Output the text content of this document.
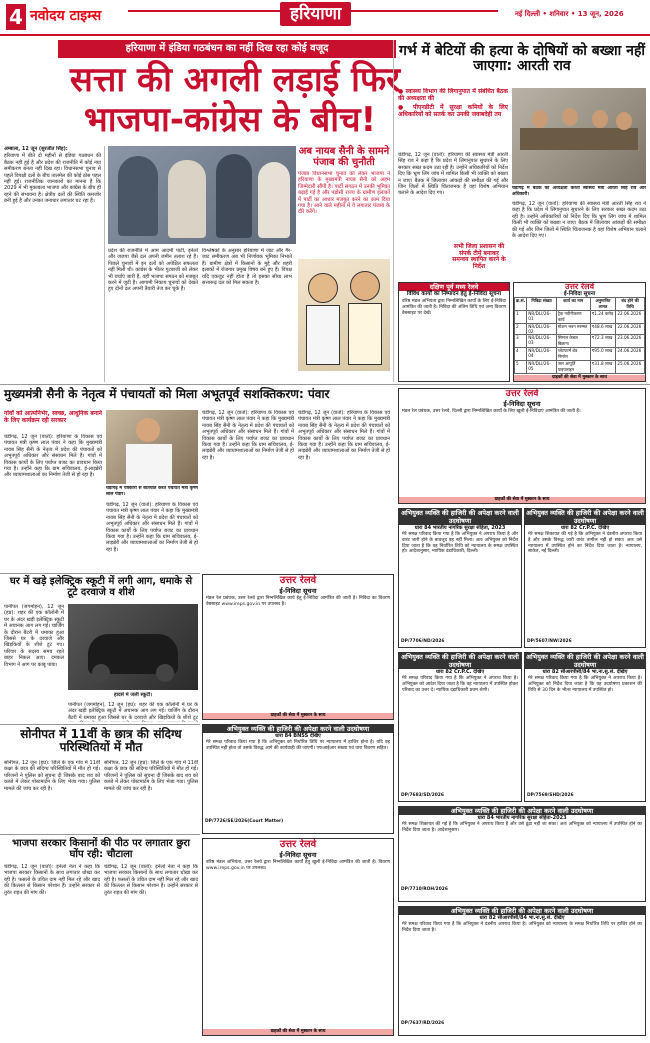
4 नवोदय टाइम्स	हरियाणा	नई दिल्ली • शनिवार • 13 जून, 2026
हरियाणा में इंडिया गठबंधन का नहीं दिख रहा कोई वजूद
सत्ता की अगली लड़ाई फिर
भाजपा-कांग्रेस के बीच!

अम्बाला, 12 जून (सुरजीत सिंह):

हरियाणा में बीते दो महीनों से इंडिया गठबंधन की बैठक नहीं हुई है और प्रदेश की राजनीति में कोई नया समीकरण बनता नहीं दिख रहा। विधानसभा चुनाव से पहले विपक्षी दलों के बीच तालमेल की कोई ठोस पहल नहीं हुई। राजनीतिक जानकारों का मानना है कि 2029 में भी मुकाबला भाजपा और कांग्रेस के बीच ही रहने की संभावना है। क्षेत्रीय दलों की स्थिति कमजोर बनी हुई है और उनका जनाधार लगातार घट रहा है।

प्रदेश की राजनीति में आम आदमी पार्टी, इनेलो और जजपा जैसे दल अपनी जमीन तलाश रहे हैं। पिछले चुनावों में इन दलों को अपेक्षित सफलता नहीं मिली थी। कांग्रेस के भीतर गुटबाजी को लेकर भी चर्चाएं जारी हैं, वहीं भाजपा संगठन को मजबूत करने में जुटी है। आगामी निकाय चुनावों को देखते हुए दोनों दल अपनी तैयारी तेज कर चुके हैं।

विश्लेषकों के अनुसार हरियाणा में जाट और गैर-जाट समीकरण अब भी निर्णायक भूमिका निभाते हैं। ग्रामीण क्षेत्रों में किसानों के मुद्दे और शहरी इलाकों में रोजगार प्रमुख विषय बने हुए हैं। विपक्ष यदि एकजुट नहीं होता है तो इसका सीधा लाभ सत्तारूढ़ दल को मिल सकता है।

अब नायब सैनी के सामने पंजाब की चुनौती
पंजाब विधानसभा चुनाव को लेकर भाजपा ने हरियाणा के मुख्यमंत्री नायब सैनी को अहम जिम्मेदारी सौंपी है। पार्टी संगठन में उनकी भूमिका बढ़ाई गई है और पड़ोसी राज्य के ग्रामीण इलाकों में पार्टी का आधार मजबूत करने का काम दिया गया है। आने वाले महीनों में वे लगातार पंजाब के दौरे करेंगे।
गर्भ में बेटियों की हत्या के दोषियों को बख्शा नहीं जाएगा: आरती राव

● स्वास्थ्य विभाग की लिंगानुपात में संबंधित बैठक की अध्यक्षता की

● पीएनडीटी में सुरक्षा कमियों के लिए अधिकारियों को सतर्क कर उनकी जवाबदेही तय

चंडीगढ़ में बैठक की अध्यक्षता करती स्वास्थ्य मंत्री आरती सिंह राव और अधिकारी।
चंडीगढ़, 12 जून (वार्ता): हरियाणा की स्वास्थ्य मंत्री आरती सिंह राव ने कहा है कि प्रदेश में लिंगानुपात सुधारने के लिए सरकार सख्त कदम उठा रही है। उन्होंने अधिकारियों को निर्देश दिए कि भ्रूण लिंग जांच में शामिल किसी भी व्यक्ति को बख्शा न जाए। बैठक में जिलावार आंकड़ों की समीक्षा की गई और जिन जिलों में स्थिति चिंताजनक है वहां विशेष अभियान चलाने के आदेश दिए गए।
चंडीगढ़, 12 जून (वार्ता): हरियाणा की स्वास्थ्य मंत्री आरती सिंह राव ने कहा है कि प्रदेश में लिंगानुपात सुधारने के लिए सरकार सख्त कदम उठा रही है। उन्होंने अधिकारियों को निर्देश दिए कि भ्रूण लिंग जांच में शामिल किसी भी व्यक्ति को बख्शा न जाए। बैठक में जिलावार आंकड़ों की समीक्षा की गई और जिन जिलों में स्थिति चिंताजनक है वहां विशेष अभियान चलाने के आदेश दिए गए।
सभी जिला प्रशासन की संपर्क टीमें बनाकर समन्वय स्थापित करने के निर्देश
दक्षिण पूर्व मध्य रेलवे
विविध कार्यों का निष्पादन हेतु ई-निविदा सूचना
वरिष्ठ मंडल अभियंता द्वारा निम्नलिखित कार्यों के लिए ई-निविदा आमंत्रित की जाती है। निविदा की अंतिम तिथि एवं अन्य विवरण वेबसाइट पर देखें।
उत्तर रेलवे
ई-निविदा सूचना
क्र.सं.	निविदा संख्या	कार्य का नाम	अनुमानित लागत	बंद होने की तिथि
1	NR/DLI/26-01	ट्रैक नवीनीकरण कार्य	₹1.24 करोड़	22.06.2026
2	NR/DLI/26-02	स्टेशन भवन मरम्मत	₹48.6 लाख	22.06.2026
3	NR/DLI/26-03	सिग्नल केबल बिछाना	₹72.3 लाख	23.06.2026
4	NR/DLI/26-04	प्लेटफार्म शेड निर्माण	₹95.0 लाख	24.06.2026
5	NR/DLI/26-05	जल आपूर्ति पाइपलाइन	₹31.8 लाख	25.06.2026
ग्राहकों की सेवा में मुस्कान के साथ
मुख्यमंत्री सैनी के नेतृत्व में पंचायतों को मिला अभूतपूर्व सशक्तिकरण: पंवार
गांवों को आत्मनिर्भर, स्वच्छ, आधुनिक बनाने के लिए कार्यक्रम रही सरकार
चंडीगढ़, 12 जून (वार्ता): हरियाणा के विकास एवं पंचायत मंत्री कृष्ण लाल पंवार ने कहा कि मुख्यमंत्री नायब सिंह सैनी के नेतृत्व में प्रदेश की पंचायतों को अभूतपूर्व अधिकार और संसाधन मिले हैं। गांवों में विकास कार्यों के लिए पर्याप्त बजट का प्रावधान किया गया है। उन्होंने कहा कि ग्राम सचिवालय, ई-लाइब्रेरी और व्यायामशालाओं का निर्माण तेजी से हो रहा है।
चंडीगढ़ में पत्रकारों से बातचीत करते पंचायत मंत्री कृष्ण लाल पंवार।
चंडीगढ़, 12 जून (वार्ता): हरियाणा के विकास एवं पंचायत मंत्री कृष्ण लाल पंवार ने कहा कि मुख्यमंत्री नायब सिंह सैनी के नेतृत्व में प्रदेश की पंचायतों को अभूतपूर्व अधिकार और संसाधन मिले हैं। गांवों में विकास कार्यों के लिए पर्याप्त बजट का प्रावधान किया गया है। उन्होंने कहा कि ग्राम सचिवालय, ई-लाइब्रेरी और व्यायामशालाओं का निर्माण तेजी से हो रहा है।
चंडीगढ़, 12 जून (वार्ता): हरियाणा के विकास एवं पंचायत मंत्री कृष्ण लाल पंवार ने कहा कि मुख्यमंत्री नायब सिंह सैनी के नेतृत्व में प्रदेश की पंचायतों को अभूतपूर्व अधिकार और संसाधन मिले हैं। गांवों में विकास कार्यों के लिए पर्याप्त बजट का प्रावधान किया गया है। उन्होंने कहा कि ग्राम सचिवालय, ई-लाइब्रेरी और व्यायामशालाओं का निर्माण तेजी से हो रहा है।
चंडीगढ़, 12 जून (वार्ता): हरियाणा के विकास एवं पंचायत मंत्री कृष्ण लाल पंवार ने कहा कि मुख्यमंत्री नायब सिंह सैनी के नेतृत्व में प्रदेश की पंचायतों को अभूतपूर्व अधिकार और संसाधन मिले हैं। गांवों में विकास कार्यों के लिए पर्याप्त बजट का प्रावधान किया गया है। उन्होंने कहा कि ग्राम सचिवालय, ई-लाइब्रेरी और व्यायामशालाओं का निर्माण तेजी से हो रहा है।
उत्तर रेलवे
ई-निविदा सूचना
मंडल रेल प्रबंधक, उत्तर रेलवे, दिल्ली द्वारा निम्नलिखित कार्यों के लिए खुली ई-निविदाएं आमंत्रित की जाती हैं।
ग्राहकों की सेवा में मुस्कान के साथ
अभियुक्त व्यक्ति की हाजिरी की अपेक्षा करने वाली उदघोषणा
धारा 84 भारतीय नागरिक सुरक्षा संहिता, 2023
मेरे समक्ष परिवाद किया गया है कि अभियुक्त ने अपराध किया है और वारंट जारी होने के बावजूद वह नहीं मिला। अतः अभियुक्त को निर्देश दिया जाता है कि वह निर्धारित तिथि को न्यायालय के समक्ष उपस्थित हो। आदेशानुसार, न्यायिक दंडाधिकारी, दिल्ली।
DP/7706/ND/2026
अभियुक्त व्यक्ति की हाजिरी की अपेक्षा करने वाली उदघोषणा
धारा 82 Cr.P.C. देखिए
मेरे समक्ष शिकायत की गई है कि अभियुक्त ने दंडनीय अपराध किया है और उसके विरुद्ध जारी वारंट तामील नहीं हो सका। अतः उसे न्यायालय में उपस्थित होने का निर्देश दिया जाता है। न्यायालय, साकेत, नई दिल्ली।
DP/5607/NW/2026
घर में खड़े इलेक्ट्रिक स्कूटी में लगी आग, धमाके से टूटे दरवाजे व शीशे
पानीपत (जगमोहन), 12 जून (हप्र): शहर की एक कॉलोनी में घर के अंदर खड़ी इलेक्ट्रिक स्कूटी में अचानक आग लग गई। चार्जिंग के दौरान बैटरी में धमाका हुआ जिससे घर के दरवाजे और खिड़कियों के शीशे टूट गए। परिवार के सदस्य समय रहते बाहर निकल आए। दमकल विभाग ने आग पर काबू पाया।
हादसे में जली स्कूटी।
पानीपत (जगमोहन), 12 जून (हप्र): शहर की एक कॉलोनी में घर के अंदर खड़ी इलेक्ट्रिक स्कूटी में अचानक आग लग गई। चार्जिंग के दौरान बैटरी में धमाका हुआ जिससे घर के दरवाजे और खिड़कियों के शीशे टूट
उत्तर रेलवे
ई-निविदा सूचना
मंडल रेल प्रबंधक, उत्तर रेलवे द्वारा निम्नलिखित कार्य हेतु ई-निविदा आमंत्रित की जाती है। निविदा का विवरण वेबसाइट www.ireps.gov.in पर उपलब्ध है।
ग्राहकों की सेवा में मुस्कान के साथ
अभियुक्त व्यक्ति की हाजिरी की अपेक्षा करने वाली उदघोषणा
धारा 84 BNSS देखिए
मेरे समक्ष परिवाद किया गया है कि अभियुक्त को निर्धारित तिथि पर न्यायालय में हाजिर होना है। यदि वह उपस्थित नहीं होता तो उसके विरुद्ध आगे की कार्यवाही की जाएगी। एफआईआर संख्या एवं धारा विवरण सहित।
DP/7726/SE/2026(Court Matter)
अभियुक्त व्यक्ति की हाजिरी की अपेक्षा करने वाली उदघोषणा
धारा 82 Cr.P.C. देखिए
मेरे समक्ष परिवाद किया गया है कि अभियुक्त ने अपराध किया है। अभियुक्त को आदेश दिया जाता है कि वह न्यायालय में उपस्थित होकर परिवाद का उत्तर दे। न्यायिक दंडाधिकारी प्रथम श्रेणी।
DP/7683/SD/2026
अभियुक्त व्यक्ति की हाजिरी की अपेक्षा करने वाली उदघोषणा
धारा 82 सीआरपीसी/84 भा.ना.सु.सं. देखिए
मेरे समक्ष परिवाद किया गया है कि अभियुक्त ने अपराध किया है। अभियुक्त को निर्देश दिया जाता है कि वह उदघोषणा प्रकाशन की तिथि से 30 दिन के भीतर न्यायालय में उपस्थित हो।
DP/7569/SHD/2026
सोनीपत में 11वीं के छात्र की संदिग्ध परिस्थितियों में मौत
सोनीपत, 12 जून (हप्र): जिले के एक गांव में 11वीं कक्षा के छात्र की संदिग्ध परिस्थितियों में मौत हो गई। परिजनों ने पुलिस को सूचना दी जिसके बाद शव को कब्जे में लेकर पोस्टमार्टम के लिए भेजा गया। पुलिस मामले की जांच कर रही है।
सोनीपत, 12 जून (हप्र): जिले के एक गांव में 11वीं कक्षा के छात्र की संदिग्ध परिस्थितियों में मौत हो गई। परिजनों ने पुलिस को सूचना दी जिसके बाद शव को कब्जे में लेकर पोस्टमार्टम के लिए भेजा गया। पुलिस मामले की जांच कर रही है।
भाजपा सरकार किसानों की पीठ पर लगातार छुरा घोंप रही: चौटाला
चंडीगढ़, 12 जून (वार्ता): इनेलो नेता ने कहा कि भाजपा सरकार किसानों के साथ लगातार धोखा कर रही है। फसलों के उचित दाम नहीं मिल रहे और खाद की किल्लत से किसान परेशान हैं। उन्होंने सरकार से तुरंत राहत की मांग की।
चंडीगढ़, 12 जून (वार्ता): इनेलो नेता ने कहा कि भाजपा सरकार किसानों के साथ लगातार धोखा कर रही है। फसलों के उचित दाम नहीं मिल रहे और खाद की किल्लत से किसान परेशान हैं। उन्होंने सरकार से तुरंत राहत की मांग की।
उत्तर रेलवे
ई-निविदा सूचना
वरिष्ठ मंडल अभियंता, उत्तर रेलवे द्वारा निम्नलिखित कार्यों हेतु खुली ई-निविदा आमंत्रित की जाती है। विवरण www.ireps.gov.in पर उपलब्ध।
ग्राहकों की सेवा में मुस्कान के साथ
अभियुक्त व्यक्ति की हाजिरी की अपेक्षा करने वाली उदघोषणा
धारा 84 भारतीय नागरिक सुरक्षा संहिता-2023
मेरे समक्ष शिकायत की गई है कि अभियुक्त ने अपराध किया है और उसे ढूंढा नहीं जा सका। अतः अभियुक्त को न्यायालय में उपस्थित होने का निर्देश दिया जाता है। आदेशानुसार।
DP/7710/ROH/2026
अभियुक्त व्यक्ति की हाजिरी की अपेक्षा करने वाली उदघोषणा
धारा 82 सीआरपीसी/84 भा.ना.सु.सं. देखिए
मेरे समक्ष परिवाद किया गया है कि अभियुक्त ने दंडनीय अपराध किया है। अभियुक्त को न्यायालय के समक्ष निर्धारित तिथि पर हाजिर होने का निर्देश दिया जाता है।
DP/7637/RD/2026
